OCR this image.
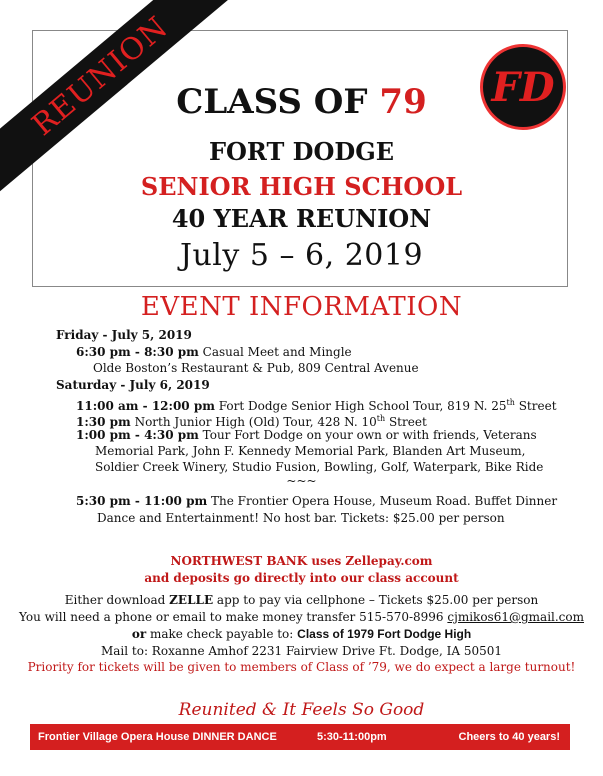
REUNION	FD
CLASS OF 79
FORT DODGE
SENIOR HIGH SCHOOL
40 YEAR REUNION
July 5 – 6, 2019
EVENT INFORMATION
Friday - July 5, 2019
6:30 pm - 8:30 pm Casual Meet and Mingle
Olde Boston’s Restaurant & Pub, 809 Central Avenue
Saturday - July 6, 2019
11:00 am - 12:00 pm Fort Dodge Senior High School Tour, 819 N. 25th Street
1:30 pm North Junior High (Old) Tour, 428 N. 10th Street
1:00 pm - 4:30 pm Tour Fort Dodge on your own or with friends, Veterans
Memorial Park, John F. Kennedy Memorial Park, Blanden Art Museum,
Soldier Creek Winery, Studio Fusion, Bowling, Golf, Waterpark, Bike Ride
~~~
5:30 pm - 11:00 pm The Frontier Opera House, Museum Road. Buffet Dinner
Dance and Entertainment! No host bar. Tickets: $25.00 per person
NORTHWEST BANK uses Zellepay.com
and deposits go directly into our class account
Either download ZELLE app to pay via cellphone – Tickets $25.00 per person
You will need a phone or email to make money transfer 515-570-8996 cjmikos61@gmail.com
or make check payable to: Class of 1979 Fort Dodge High
Mail to: Roxanne Amhof 2231 Fairview Drive Ft. Dodge, IA 50501
Priority for tickets will be given to members of Class of ’79, we do expect a large turnout!
Reunited & It Feels So Good
Frontier Village Opera House DINNER DANCE	5:30-11:00pm	Cheers to 40 years!
